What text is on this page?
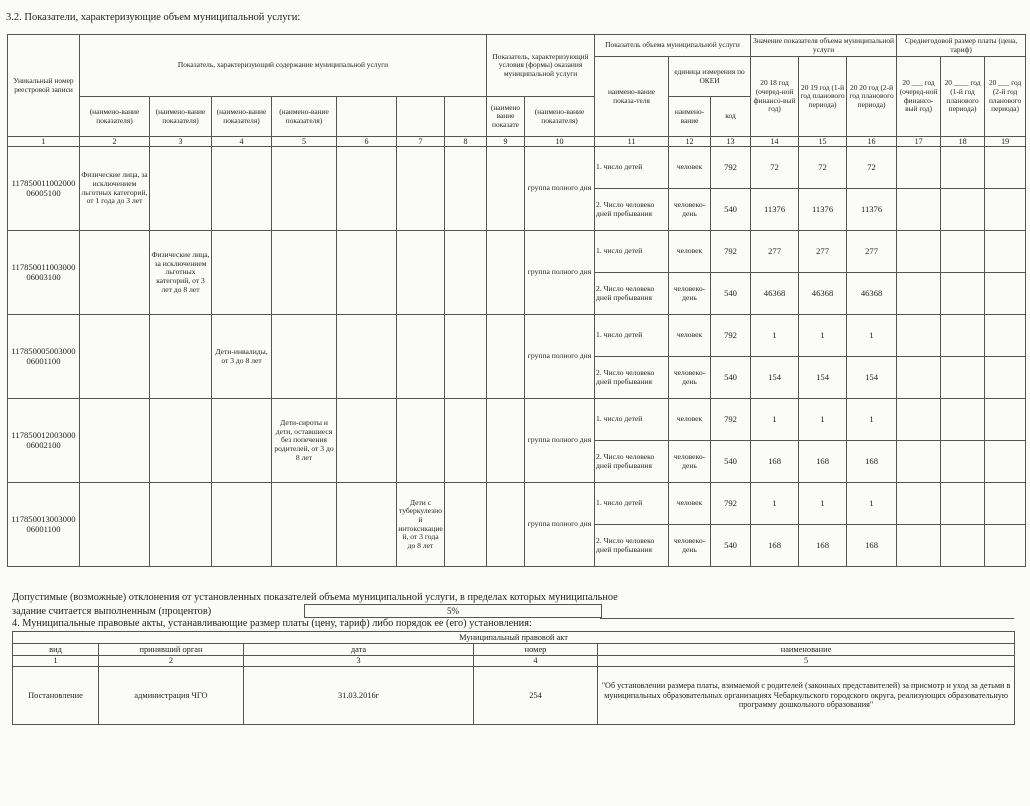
3.2. Показатели, характеризующие объем муниципальной услуги:
Уникальный номер реестровой записи	Показатель, характеризующий содержание муниципальной услуги							Показатель, характеризующий условия (формы) оказания муниципальной услуги		Показатель объема муниципальной услуги			Значение показателя объема муниципальной услуги			Среднегодовой размер платы (цена, тариф)		
										наимено-вание показа-теля	единица измерения по ОКЕИ		20 18 год (очеред-ной финансо-вый год)	20 19 год (1-й год планового периода)	20 20 год (2-й год планового периода)	20 ___ год (очеред-ной финансо-вый год)	20 ____ год (1-й год планового периода)	20 ___ год (2-й год планового периода)
	(наимено-вание показателя)	(наимено-вание показателя)	(наимено-вание показателя)	(наимено-вание показателя)				(наимено вание показате	(наимено-вание показателя)		наимено-вание	код						
1	2	3	4	5	6	7	8	9	10	11	12	13	14	15	16	17	18	19
117850011002000 06005100	Физические лица, за исключением льготных категорий, от 1 года до 3 лет								группа полного дня	1. число детей	человек	792	72	72	72			
										2. Число человеко дней пребывания	человеко-день	540	11376	11376	11376			
117850011003000 06003100		Физические лица, за исключением льготных категорий, от 3 лет до 8 лет							группа полного дня	1. число детей	человек	792	277	277	277			
										2. Число человеко дней пребывания	человеко-день	540	46368	46368	46368			
117850005003000 06001100			Дети-инвалиды, от 3 до 8 лет						группа полного дня	1. число детей	человек	792	1	1	1			
										2. Число человеко дней пребывания	человеко-день	540	154	154	154			
117850012003000 06002100				Дети-сироты и дети, оставшиеся без попечения родителей, от 3 до 8 лет					группа полного дня	1. число детей	человек	792	1	1	1			
										2. Число человеко дней пребывания	человеко-день	540	168	168	168			
117850013003000 06001100						Дети с туберкулезной интоксикацией, от 3 года до 8 лет			группа полного дня	1. число детей	человек	792	1	1	1			
										2. Число человеко дней пребывания	человеко-день	540	168	168	168			
Допустимые (возможные) отклонения от установленных показателей объема муниципальной услуги, в пределах которых муниципальное
задание считается выполненным (процентов)	5%
4. Муниципальные правовые акты, устанавливающие размер платы (цену, тариф) либо порядок ее (его) установления:
Муниципальный правовой акт				
вид	принявший орган	дата	номер	наименование
1	2	3	4	5
Постановление	администрация ЧГО	31.03.2016г	254	"Об установлении размера платы, взимаемой с родителей (законных представителей) за присмотр и уход за детьми в муниципальных образовательных организациях Чебаркульского городского округа, реализующих образовательную программу дошкольного образования"
